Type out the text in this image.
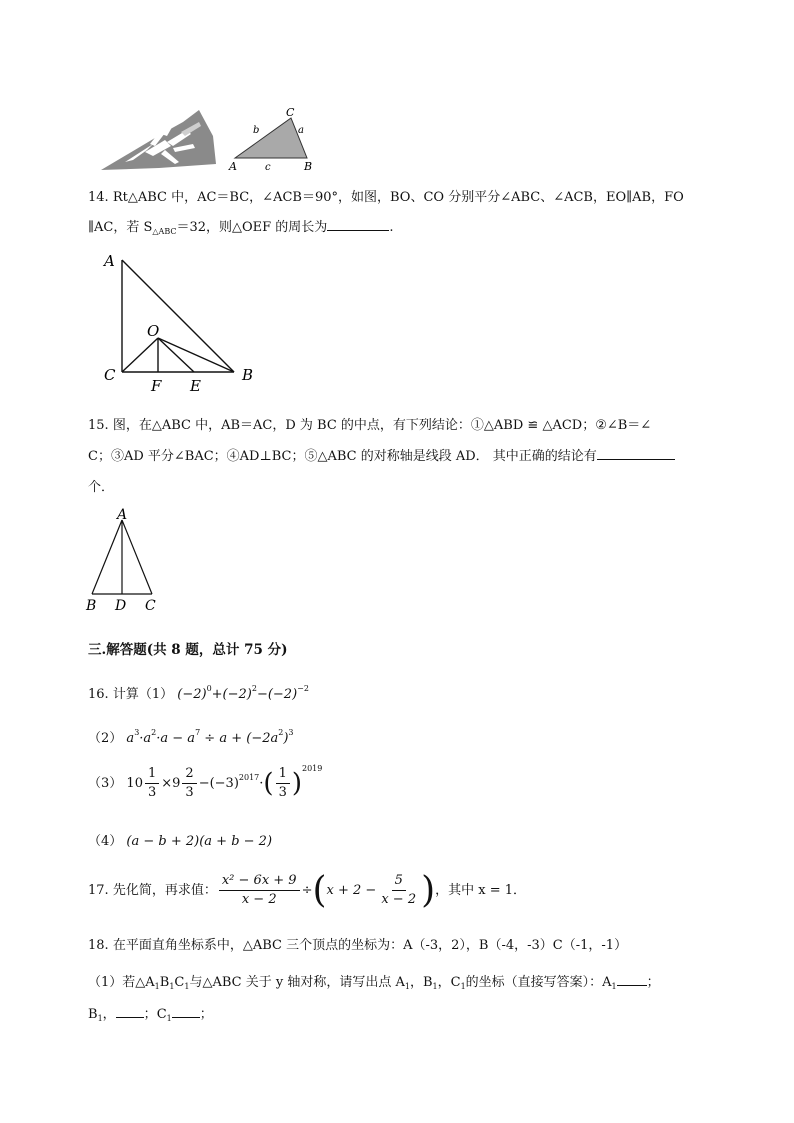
C
a
b
A	c	B
14. Rt△ABC 中，AC＝BC，∠ACB＝90°，如图，BO、CO 分别平分∠ABC、∠ACB，EO∥AB，FO
∥AC，若 $S_{\triangle ABC}=32$，则△OEF 的周长为	.
A
O
C
F E
B
15. 图，在△ABC 中，AB＝AC，D 为 BC 的中点，有下列结论：①△ABD ≌ △ACD；②∠B＝∠
C；③AD 平分∠BAC；④AD⊥BC；⑤△ABC 的对称轴是线段 AD． 其中正确的结论有
个．
A
B D C
三.解答题(共 8 题，总计 75 分)
16. 计算（1） $(-2)^0+(-2)^2-(-2)^{-2}$
（2） $a^3\cdot a^2\cdot a - a^7 \div a + (-2a^2)^3$
（3） $10 \frac{1}{3} \times 9 \frac{2}{3} -(-3)^{2017}\cdot( \frac{1}{3} )^{2019}$
（4） (a − b + 2)(a + b − 2)
17. 先化简，再求值： $\frac{\text{x² − 6x + 9}}{x - 2} \div(x + 2 - \frac{5}{x - 2}$ )，其中 x = 1．
18. 在平面直角坐标系中，△ABC 三个顶点的坐标为：A（-3，2），B（-4，-3）C（-1，-1）
（1）若$\triangle A_1B_1C_1$与△ABC 关于 y 轴对称，请写出点 $A_1$，$B_1$，$C_1$的坐标（直接写答案）：$A_1$ ；
$B_1$， ；$C_1$ ；
